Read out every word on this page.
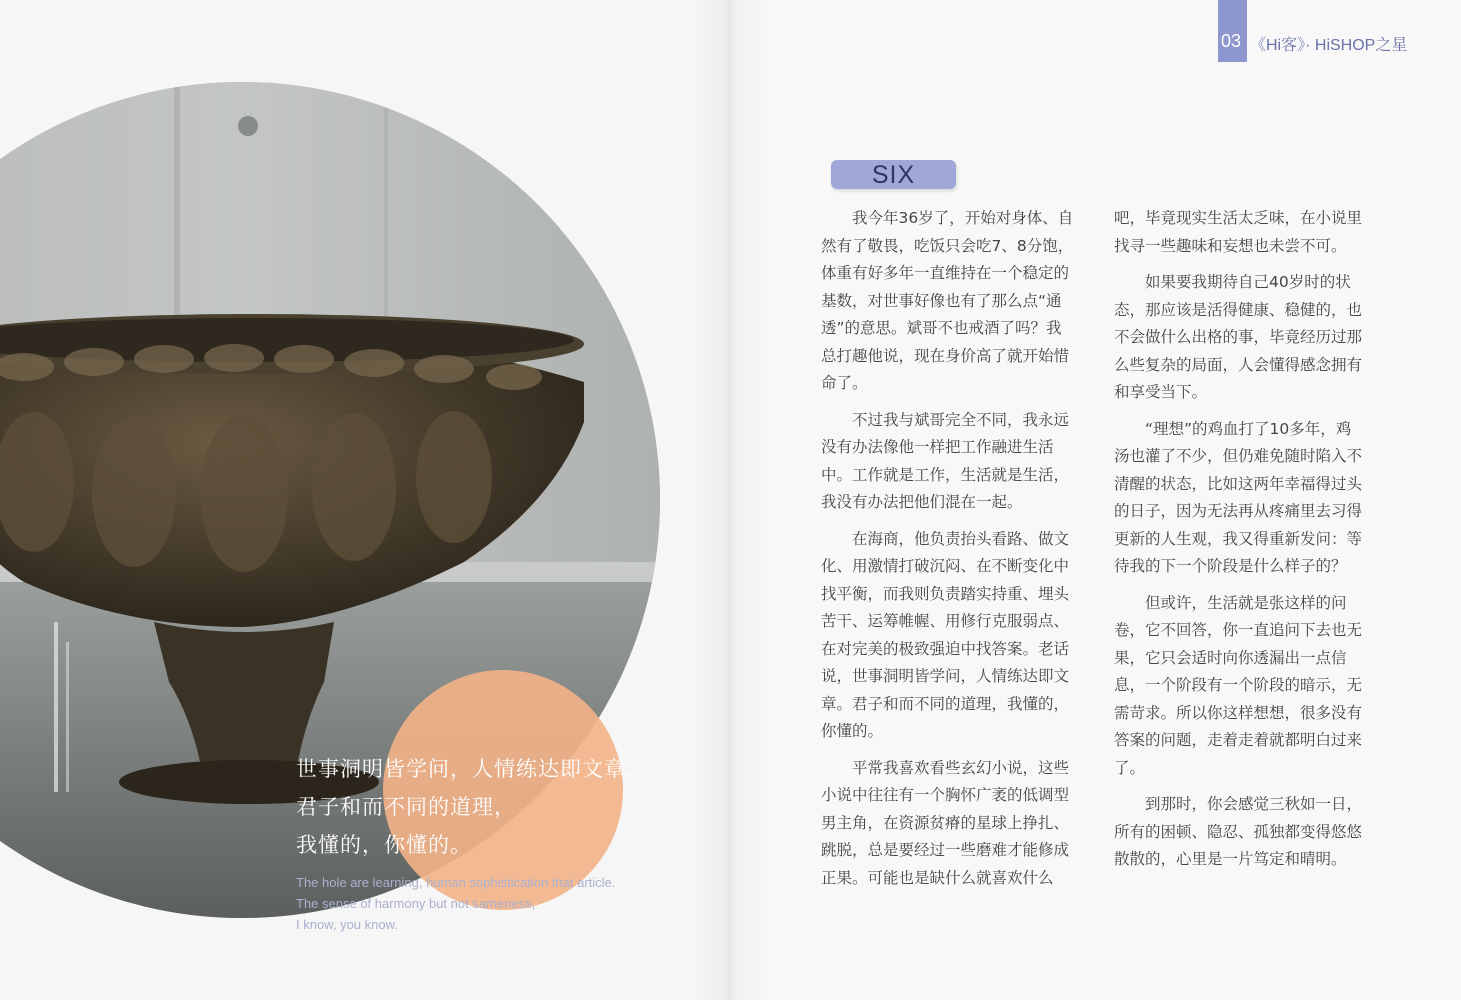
世事洞明皆学问，人情练达即文章，
君子和而不同的道理，
我懂的，你懂的。
The hole are learning, human sophistication that article.
The sense of harmony but not sameness,
I know, you know.
03 《Hi客》· HiSHOP之星
SIX
　　我今年36岁了，开始对身体、自
然有了敬畏，吃饭只会吃7、8分饱，
体重有好多年一直维持在一个稳定的
基数，对世事好像也有了那么点“通
透”的意思。斌哥不也戒酒了吗？我
总打趣他说，现在身价高了就开始惜
命了。
　　不过我与斌哥完全不同，我永远
没有办法像他一样把工作融进生活
中。工作就是工作，生活就是生活，
我没有办法把他们混在一起。
　　在海商，他负责抬头看路、做文
化、用激情打破沉闷、在不断变化中
找平衡，而我则负责踏实持重、埋头
苦干、运筹帷幄、用修行克服弱点、
在对完美的极致强迫中找答案。老话
说，世事洞明皆学问，人情练达即文
章。君子和而不同的道理，我懂的，
你懂的。
　　平常我喜欢看些玄幻小说，这些
小说中往往有一个胸怀广袤的低调型
男主角，在资源贫瘠的星球上挣扎、
跳脱，总是要经过一些磨难才能修成
正果。可能也是缺什么就喜欢什么
吧，毕竟现实生活太乏味，在小说里
找寻一些趣味和妄想也未尝不可。
　　如果要我期待自己40岁时的状
态，那应该是活得健康、稳健的，也
不会做什么出格的事，毕竟经历过那
么些复杂的局面，人会懂得感念拥有
和享受当下。
　　“理想”的鸡血打了10多年，鸡
汤也灌了不少，但仍难免随时陷入不
清醒的状态，比如这两年幸福得过头
的日子，因为无法再从疼痛里去习得
更新的人生观，我又得重新发问：等
待我的下一个阶段是什么样子的？
　　但或许，生活就是张这样的问
卷，它不回答，你一直追问下去也无
果，它只会适时向你透漏出一点信
息，一个阶段有一个阶段的暗示，无
需苛求。所以你这样想想，很多没有
答案的问题，走着走着就都明白过来
了。
　　到那时，你会感觉三秋如一日，
所有的困顿、隐忍、孤独都变得悠悠
散散的，心里是一片笃定和晴明。
